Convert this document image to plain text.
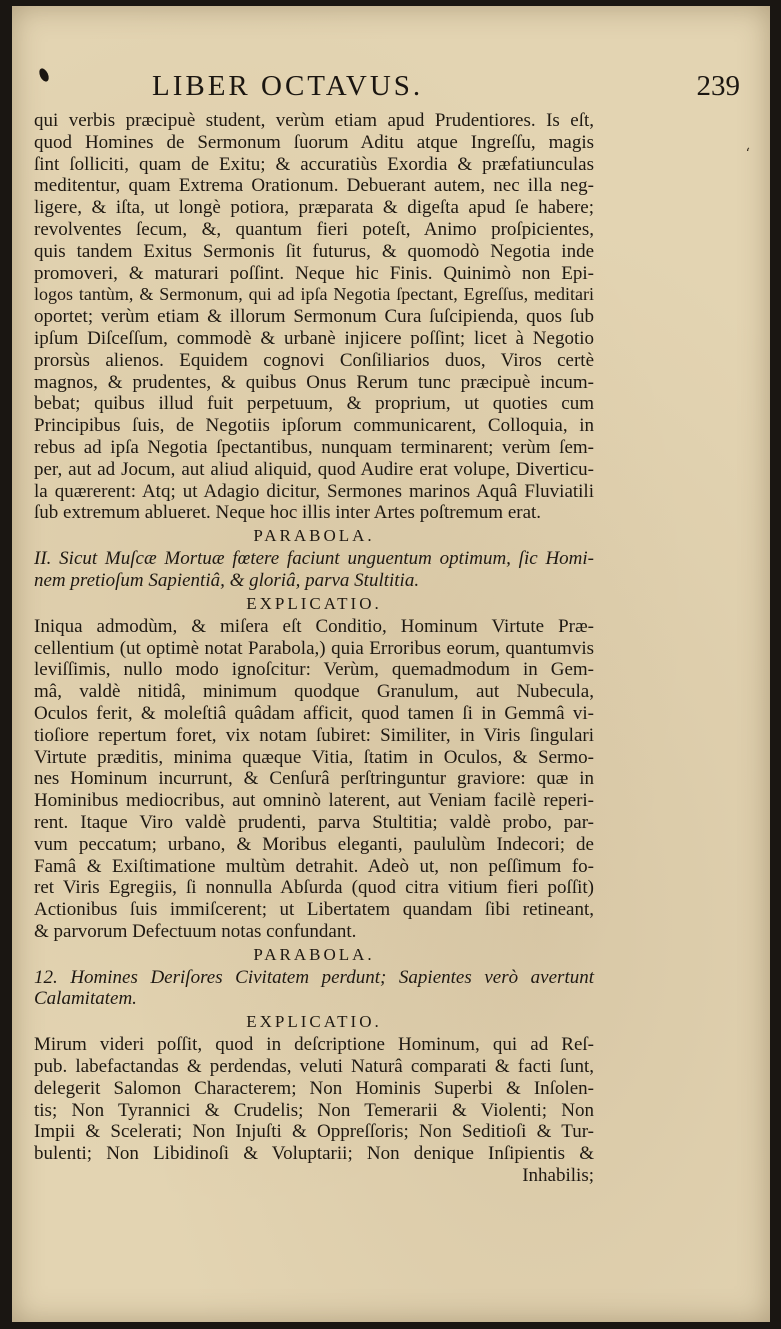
LIBER OCTAVUS.	239
‘
qui verbis præcipuè student, verùm etiam apud Prudentiores. Is eſt,
quod Homines de Sermonum ſuorum Aditu atque Ingreſſu, magis
ſint ſolliciti, quam de Exitu; & accuratiùs Exordia & præfatiunculas
meditentur, quam Extrema Orationum. Debuerant autem, nec illa neg-
ligere, & iſta, ut longè potiora, præparata & digeſta apud ſe habere;
revolventes ſecum, &, quantum fieri poteſt, Animo proſpicientes,
quis tandem Exitus Sermonis ſit futurus, & quomodò Negotia inde
promoveri, & maturari poſſint. Neque hic Finis. Quinimò non Epi-
logos tantùm, & Sermonum, qui ad ipſa Negotia ſpectant, Egreſſus, meditari
oportet; verùm etiam & illorum Sermonum Cura ſuſcipienda, quos ſub
ipſum Diſceſſum, commodè & urbanè injicere poſſint; licet à Negotio
prorsùs alienos. Equidem cognovi Conſiliarios duos, Viros certè
magnos, & prudentes, & quibus Onus Rerum tunc præcipuè incum-
bebat; quibus illud fuit perpetuum, & proprium, ut quoties cum
Principibus ſuis, de Negotiis ipſorum communicarent, Colloquia, in
rebus ad ipſa Negotia ſpectantibus, nunquam terminarent; verùm ſem-
per, aut ad Jocum, aut aliud aliquid, quod Audire erat volupe, Diverticu-
la quærerent: Atq; ut Adagio dicitur, Sermones marinos Aquâ Fluviatili
ſub extremum ablueret. Neque hoc illis inter Artes poſtremum erat.
PARABOLA.
II. Sicut Muſcæ Mortuæ fœtere faciunt unguentum optimum, ſic Homi-
nem pretioſum Sapientiâ, & gloriâ, parva Stultitia.
EXPLICATIO.
Iniqua admodùm, & miſera eſt Conditio, Hominum Virtute Præ-
cellentium (ut optimè notat Parabola,) quia Erroribus eorum, quantumvis
leviſſimis, nullo modo ignoſcitur: Verùm, quemadmodum in Gem-
mâ, valdè nitidâ, minimum quodque Granulum, aut Nubecula,
Oculos ferit, & moleſtiâ quâdam afficit, quod tamen ſi in Gemmâ vi-
tioſiore repertum foret, vix notam ſubiret: Similiter, in Viris ſingulari
Virtute præditis, minima quæque Vitia, ſtatim in Oculos, & Sermo-
nes Hominum incurrunt, & Cenſurâ perſtringuntur graviore: quæ in
Hominibus mediocribus, aut omninò laterent, aut Veniam facilè reperi-
rent. Itaque Viro valdè prudenti, parva Stultitia; valdè probo, par-
vum peccatum; urbano, & Moribus eleganti, paululùm Indecori; de
Famâ & Exiſtimatione multùm detrahit. Adeò ut, non peſſimum fo-
ret Viris Egregiis, ſi nonnulla Abſurda (quod citra vitium fieri poſſit)
Actionibus ſuis immiſcerent; ut Libertatem quandam ſibi retineant,
& parvorum Defectuum notas confundant.
PARABOLA.
12. Homines Deriſores Civitatem perdunt; Sapientes verò avertunt
Calamitatem.
EXPLICATIO.
Mirum videri poſſit, quod in deſcriptione Hominum, qui ad Reſ-
pub. labefactandas & perdendas, veluti Naturâ comparati & facti ſunt,
delegerit Salomon Characterem; Non Hominis Superbi & Inſolen-
tis; Non Tyrannici & Crudelis; Non Temerarii & Violenti; Non
Impii & Scelerati; Non Injuſti & Oppreſſoris; Non Seditioſi & Tur-
bulenti; Non Libidinoſi & Voluptarii; Non denique Inſipientis &
Inhabilis;
